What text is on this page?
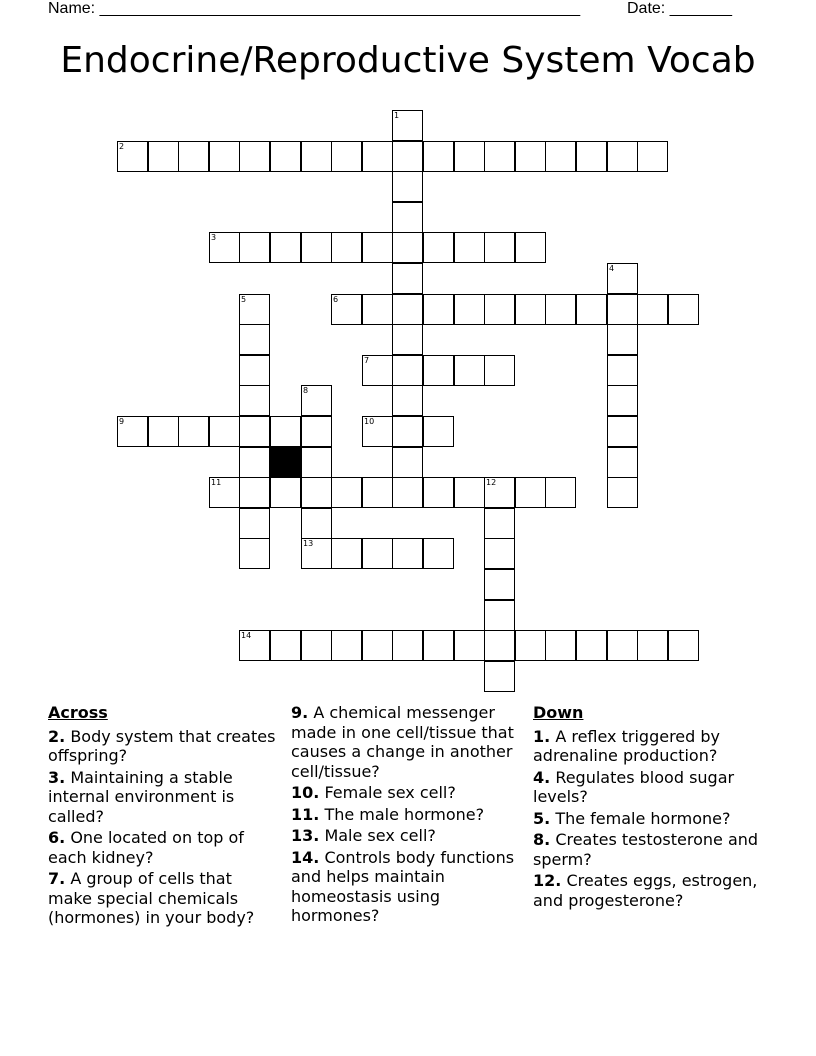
Name: ______________________________________________________	Date: _______
Endocrine/Reproductive System Vocab
1
2
3
4
5	6
7
8
13
9	10
11	12
14
Across
2. Body system that creates offspring?
3. Maintaining a stable internal environment is called?
6. One located on top of each kidney?
7. A group of cells that make special chemicals (hormones) in your body?
9. A chemical messenger made in one cell/tissue that causes a change in another cell/tissue?
10. Female sex cell?
11. The male hormone?
13. Male sex cell?
14. Controls body functions and helps maintain homeostasis using hormones?
Down
1. A reflex triggered by adrenaline production?
4. Regulates blood sugar levels?
5. The female hormone?
8. Creates testosterone and sperm?
12. Creates eggs, estrogen, and progesterone?
